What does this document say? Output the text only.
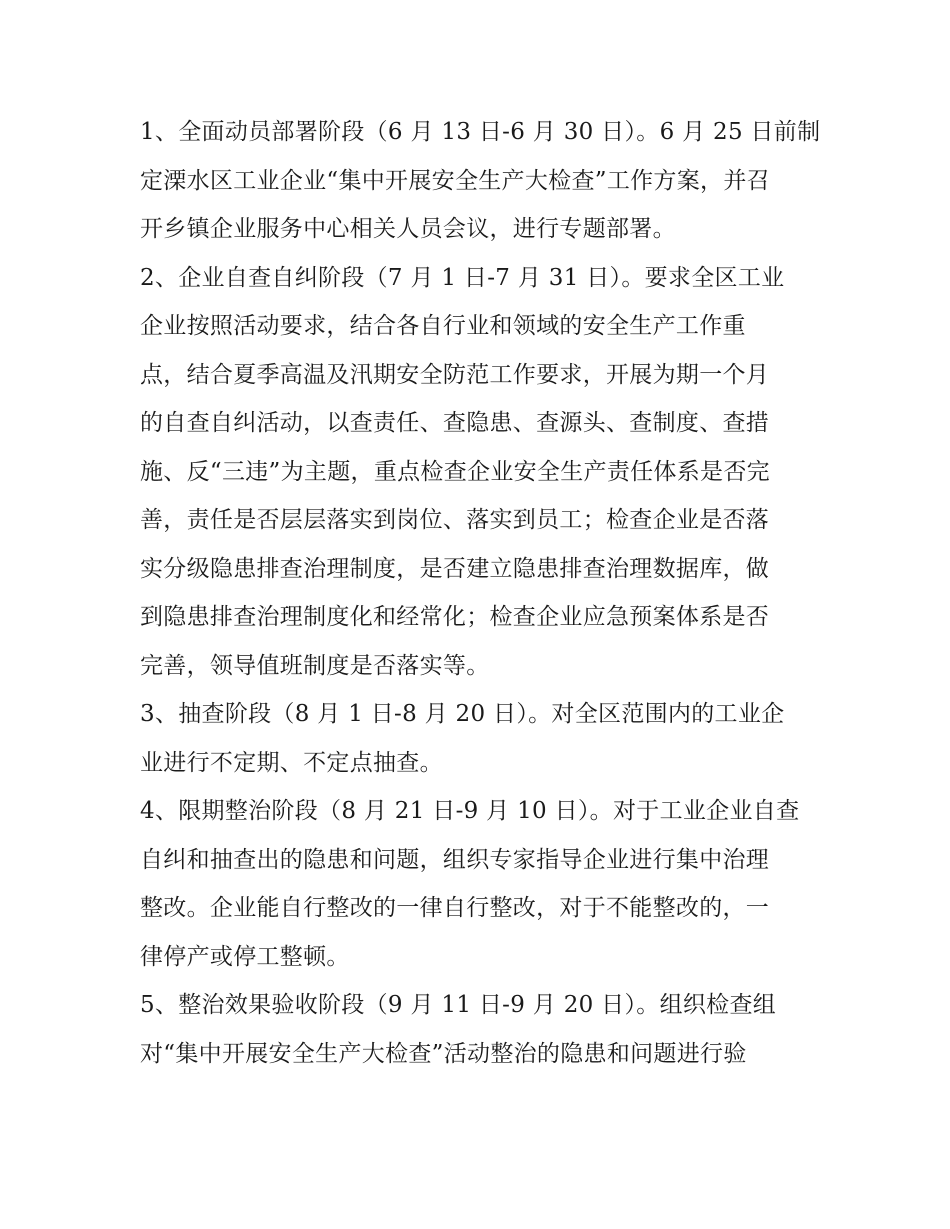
1、全面动员部署阶段（6 月 13 日-6 月 30 日）。6 月 25 日前制
定溧水区工业企业“集中开展安全生产大检查”工作方案，并召
开乡镇企业服务中心相关人员会议，进行专题部署。
2、企业自查自纠阶段（7 月 1 日-7 月 31 日）。要求全区工业
企业按照活动要求，结合各自行业和领域的安全生产工作重
点，结合夏季高温及汛期安全防范工作要求，开展为期一个月
的自查自纠活动，以查责任、查隐患、查源头、查制度、查措
施、反“三违”为主题，重点检查企业安全生产责任体系是否完
善，责任是否层层落实到岗位、落实到员工；检查企业是否落
实分级隐患排查治理制度，是否建立隐患排查治理数据库，做
到隐患排查治理制度化和经常化；检查企业应急预案体系是否
完善，领导值班制度是否落实等。
3、抽查阶段（8 月 1 日-8 月 20 日）。对全区范围内的工业企
业进行不定期、不定点抽查。
4、限期整治阶段（8 月 21 日-9 月 10 日）。对于工业企业自查
自纠和抽查出的隐患和问题，组织专家指导企业进行集中治理
整改。企业能自行整改的一律自行整改，对于不能整改的，一
律停产或停工整顿。
5、整治效果验收阶段（9 月 11 日-9 月 20 日）。组织检查组
对“集中开展安全生产大检查”活动整治的隐患和问题进行验
